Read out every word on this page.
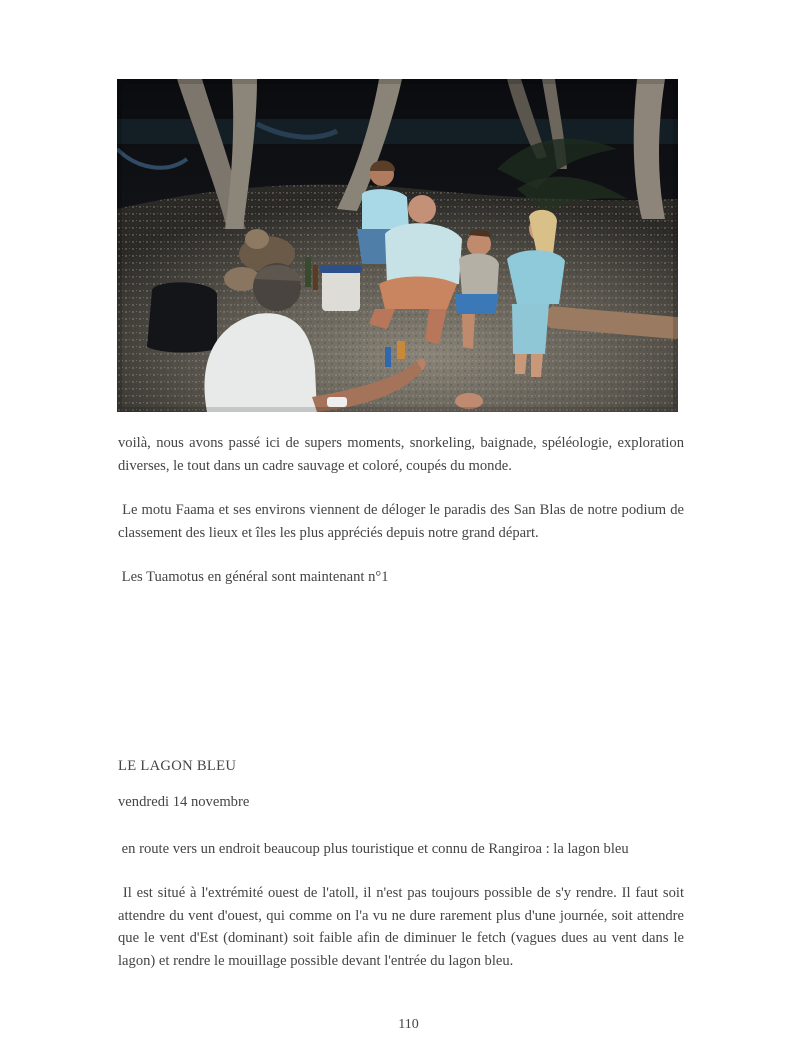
voilà, nous avons passé ici de supers moments, snorkeling, baignade, spéléologie, exploration diverses, le tout dans un cadre sauvage et coloré, coupés du monde.

Le motu Faama et ses environs viennent de déloger le paradis des San Blas de notre podium de classement des lieux et îles les plus appréciés depuis notre grand départ.

Les Tuamotus en général sont maintenant n°1

LE LAGON BLEU
vendredi 14 novembre

en route vers un endroit beaucoup plus touristique et connu de Rangiroa : la lagon bleu

Il est situé à l'extrémité ouest de l'atoll, il n'est pas toujours possible de s'y rendre. Il faut soit attendre du vent d'ouest, qui comme on l'a vu ne dure rarement plus d'une journée, soit attendre que le vent d'Est (dominant) soit faible afin de diminuer le fetch (vagues dues au vent dans le lagon) et rendre le mouillage possible devant l'entrée du lagon bleu.

110
